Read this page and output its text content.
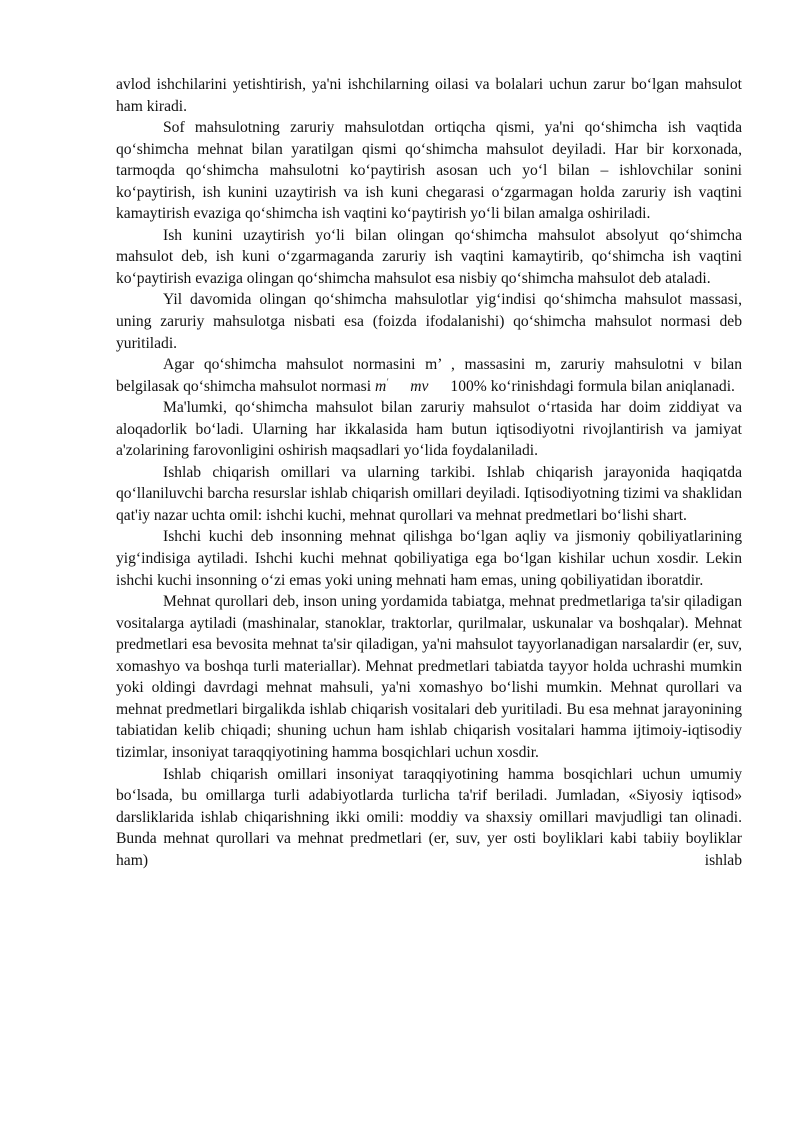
avlod ishchilarini yetishtirish, ya'ni ishchilarning oilasi va bolalari uchun zarur bo‘lgan mahsulot ham kiradi.

Sof mahsulotning zaruriy mahsulotdan ortiqcha qismi, ya'ni qo‘shimcha ish vaqtida qo‘shimcha mehnat bilan yaratilgan qismi qo‘shimcha mahsulot deyiladi. Har bir korxonada, tarmoqda qo‘shimcha mahsulotni ko‘paytirish asosan uch yo‘l bilan – ishlovchilar sonini ko‘paytirish, ish kunini uzaytirish va ish kuni chegarasi o‘zgarmagan holda zaruriy ish vaqtini kamaytirish evaziga qo‘shimcha ish vaqtini ko‘paytirish yo‘li bilan amalga oshiriladi.

Ish kunini uzaytirish yo‘li bilan olingan qo‘shimcha mahsulot absolyut qo‘shimcha mahsulot deb, ish kuni o‘zgarmaganda zaruriy ish vaqtini kamaytirib, qo‘shimcha ish vaqtini ko‘paytirish evaziga olingan qo‘shimcha mahsulot esa nisbiy qo‘shimcha mahsulot deb ataladi.

Yil davomida olingan qo‘shimcha mahsulotlar yig‘indisi qo‘shimcha mahsulot massasi, uning zaruriy mahsulotga nisbati esa (foizda ifodalanishi) qo‘shimcha mahsulot normasi deb yuritiladi.

Agar qo‘shimcha mahsulot normasini m’ , massasini m, zaruriy mahsulotni v bilan belgilasak qo‘shimcha mahsulot normasi m' mv 100% ko‘rinishdagi formula bilan aniqlanadi.

Ma'lumki, qo‘shimcha mahsulot bilan zaruriy mahsulot o‘rtasida har doim ziddiyat va aloqadorlik bo‘ladi. Ularning har ikkalasida ham butun iqtisodiyotni rivojlantirish va jamiyat a'zolarining farovonligini oshirish maqsadlari yo‘lida foydalaniladi.

Ishlab chiqarish omillari va ularning tarkibi. Ishlab chiqarish jarayonida haqiqatda qo‘llaniluvchi barcha resurslar ishlab chiqarish omillari deyiladi. Iqtisodiyotning tizimi va shaklidan qat'iy nazar uchta omil: ishchi kuchi, mehnat qurollari va mehnat predmetlari bo‘lishi shart.

Ishchi kuchi deb insonning mehnat qilishga bo‘lgan aqliy va jismoniy qobiliyatlarining yig‘indisiga aytiladi. Ishchi kuchi mehnat qobiliyatiga ega bo‘lgan kishilar uchun xosdir. Lekin ishchi kuchi insonning o‘zi emas yoki uning mehnati ham emas, uning qobiliyatidan iboratdir.

Mehnat qurollari deb, inson uning yordamida tabiatga, mehnat predmetlariga ta'sir qiladigan vositalarga aytiladi (mashinalar, stanoklar, traktorlar, qurilmalar, uskunalar va boshqalar). Mehnat predmetlari esa bevosita mehnat ta'sir qiladigan, ya'ni mahsulot tayyorlanadigan narsalardir (er, suv, xomashyo va boshqa turli materiallar). Mehnat predmetlari tabiatda tayyor holda uchrashi mumkin yoki oldingi davrdagi mehnat mahsuli, ya'ni xomashyo bo‘lishi mumkin. Mehnat qurollari va mehnat predmetlari birgalikda ishlab chiqarish vositalari deb yuritiladi. Bu esa mehnat jarayonining tabiatidan kelib chiqadi; shuning uchun ham ishlab chiqarish vositalari hamma ijtimoiy-iqtisodiy tizimlar, insoniyat taraqqiyotining hamma bosqichlari uchun xosdir.

Ishlab chiqarish omillari insoniyat taraqqiyotining hamma bosqichlari uchun umumiy bo‘lsada, bu omillarga turli adabiyotlarda turlicha ta'rif beriladi. Jumladan, «Siyosiy iqtisod» darsliklarida ishlab chiqarishning ikki omili: moddiy va shaxsiy omillari mavjudligi tan olinadi. Bunda mehnat qurollari va mehnat predmetlari (er, suv, yer osti boyliklari kabi tabiiy boyliklar ham) ishlab
